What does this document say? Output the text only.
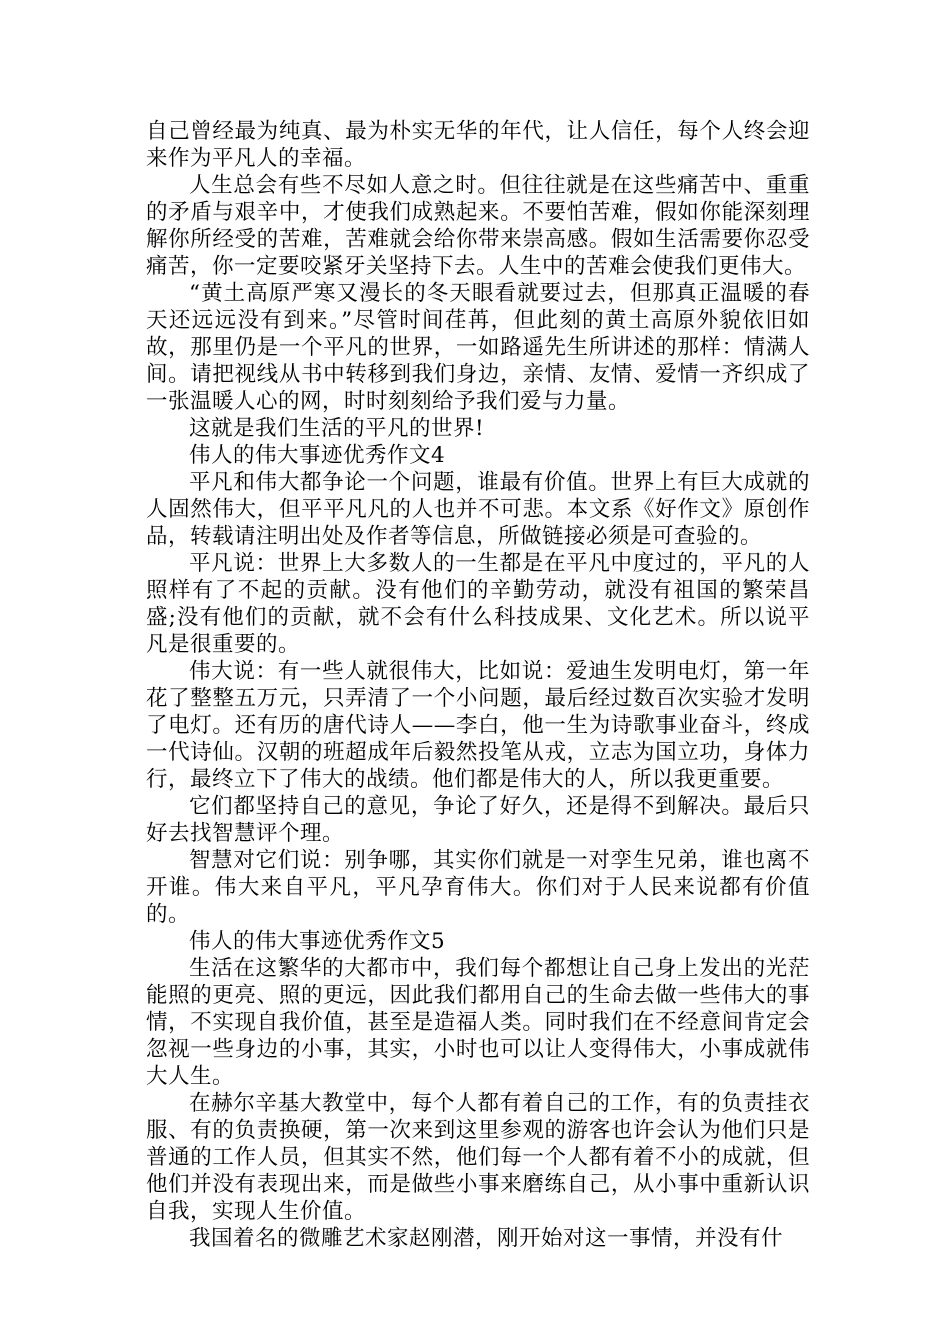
自己曾经最为纯真、最为朴实无华的年代，让人信任，每个人终会迎来作为平凡人的幸福。

人生总会有些不尽如人意之时。但往往就是在这些痛苦中、重重的矛盾与艰辛中，才使我们成熟起来。不要怕苦难，假如你能深刻理解你所经受的苦难，苦难就会给你带来崇高感。假如生活需要你忍受痛苦，你一定要咬紧牙关坚持下去。人生中的苦难会使我们更伟大。

“黄土高原严寒又漫长的冬天眼看就要过去，但那真正温暖的春天还远远没有到来。”尽管时间荏苒，但此刻的黄土高原外貌依旧如故，那里仍是一个平凡的世界，一如路遥先生所讲述的那样：情满人间。请把视线从书中转移到我们身边，亲情、友情、爱情一齐织成了一张温暖人心的网，时时刻刻给予我们爱与力量。

这就是我们生活的平凡的世界!

伟人的伟大事迹优秀作文4

平凡和伟大都争论一个问题，谁最有价值。世界上有巨大成就的人固然伟大，但平平凡凡的人也并不可悲。本文系《好作文》原创作品，转载请注明出处及作者等信息，所做链接必须是可查验的。

平凡说：世界上大多数人的一生都是在平凡中度过的，平凡的人照样有了不起的贡献。没有他们的辛勤劳动，就没有祖国的繁荣昌盛;没有他们的贡献，就不会有什么科技成果、文化艺术。所以说平凡是很重要的。

伟大说：有一些人就很伟大，比如说：爱迪生发明电灯，第一年花了整整五万元，只弄清了一个小问题，最后经过数百次实验才发明了电灯。还有历的唐代诗人——李白，他一生为诗歌事业奋斗，终成一代诗仙。汉朝的班超成年后毅然投笔从戎，立志为国立功，身体力行，最终立下了伟大的战绩。他们都是伟大的人，所以我更重要。

它们都坚持自己的意见，争论了好久，还是得不到解决。最后只好去找智慧评个理。

智慧对它们说：别争哪，其实你们就是一对孪生兄弟，谁也离不开谁。伟大来自平凡，平凡孕育伟大。你们对于人民来说都有价值的。

伟人的伟大事迹优秀作文5

生活在这繁华的大都市中，我们每个都想让自己身上发出的光茫能照的更亮、照的更远，因此我们都用自己的生命去做一些伟大的事情，不实现自我价值，甚至是造福人类。同时我们在不经意间肯定会忽视一些身边的小事，其实，小时也可以让人变得伟大，小事成就伟大人生。

在赫尔辛基大教堂中，每个人都有着自己的工作，有的负责挂衣服、有的负责换硬，第一次来到这里参观的游客也许会认为他们只是普通的工作人员，但其实不然，他们每一个人都有着不小的成就，但他们并没有表现出来，而是做些小事来磨练自己，从小事中重新认识自我，实现人生价值。

我国着名的微雕艺术家赵刚潜，刚开始对这一事情，并没有什
